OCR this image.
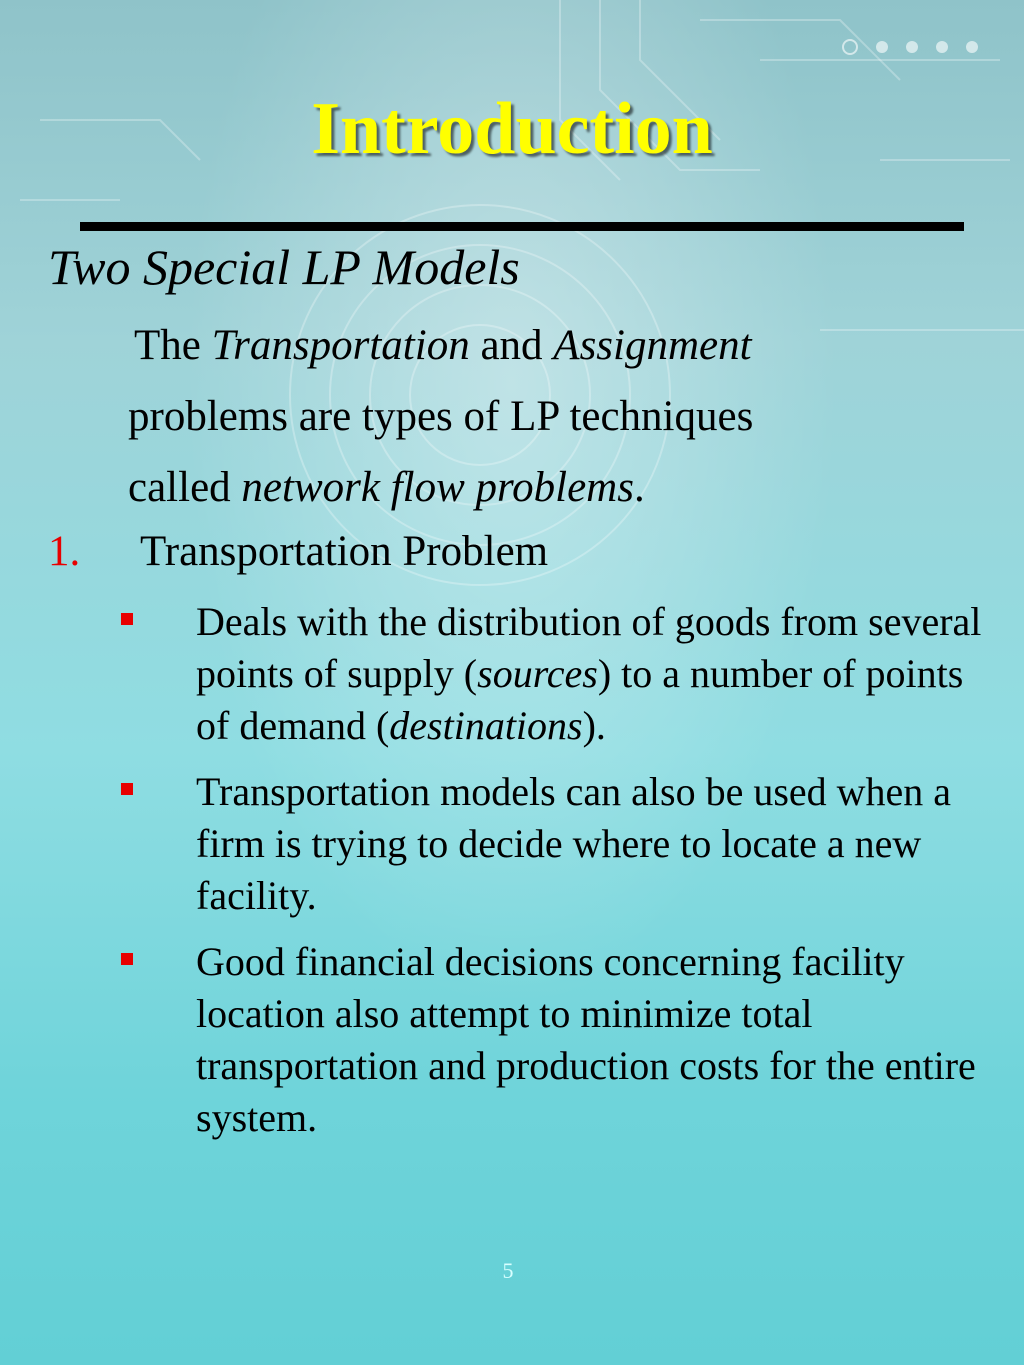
Introduction
Two Special LP Models
The Transportation and Assignment
problems are types of LP techniques
called network flow problems.
1. Transportation Problem
Deals with the distribution of goods from several points of supply (sources) to a number of points of demand (destinations).
Transportation models can also be used when a firm is trying to decide where to locate a new facility.
Good financial decisions concerning facility location also attempt to minimize total transportation and production costs for the entire system.
5
